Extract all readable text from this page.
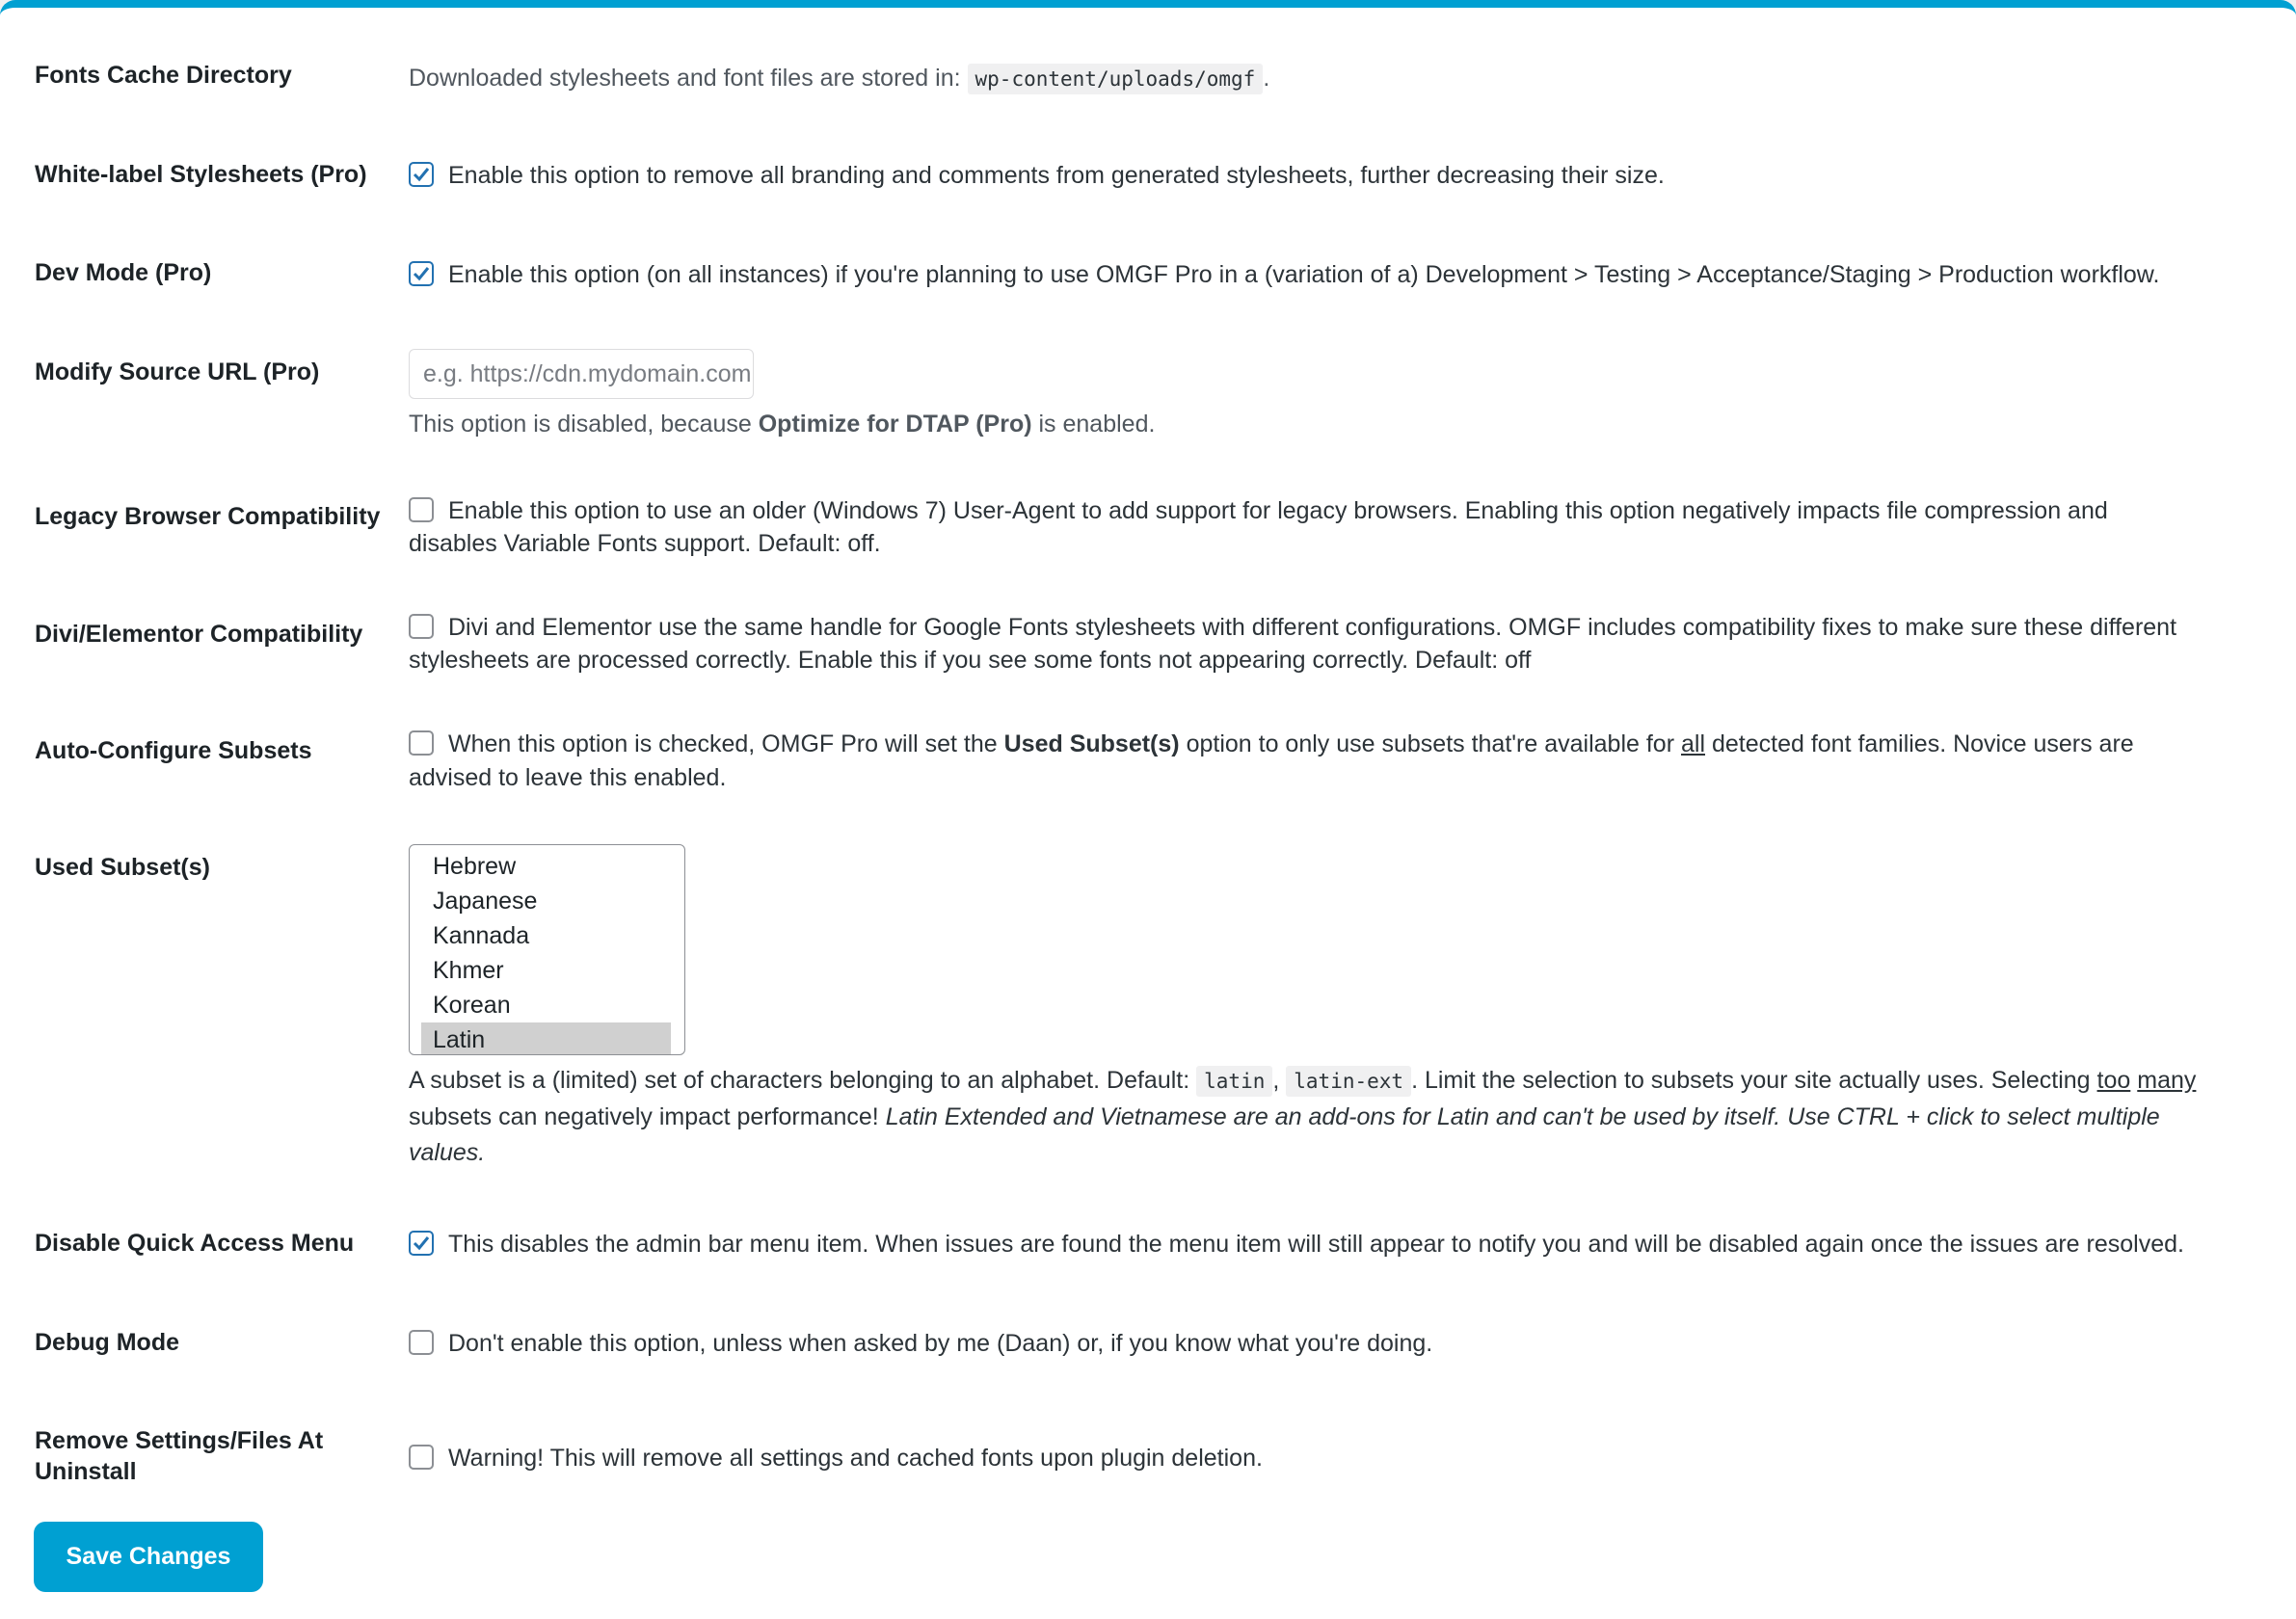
Fonts Cache Directory	Downloaded stylesheets and font files are stored in: wp-content/uploads/omgf .
White-label Stylesheets (Pro)	Enable this option to remove all branding and comments from generated stylesheets, further decreasing their size.
Dev Mode (Pro)	Enable this option (on all instances) if you're planning to use OMGF Pro in a (variation of a) Development > Testing > Acceptance/Staging > Production workflow.
Modify Source URL (Pro)	e.g. https://cdn.mydomain.com
This option is disabled, because Optimize for DTAP (Pro) is enabled.
Legacy Browser Compatibility	Enable this option to use an older (Windows 7) User-Agent to add support for legacy browsers. Enabling this option negatively impacts file compression and
disables Variable Fonts support. Default: off.
Divi/Elementor Compatibility	Divi and Elementor use the same handle for Google Fonts stylesheets with different configurations. OMGF includes compatibility fixes to make sure these different
stylesheets are processed correctly. Enable this if you see some fonts not appearing correctly. Default: off
Auto-Configure Subsets	When this option is checked, OMGF Pro will set the Used Subset(s) option to only use subsets that're available for all detected font families. Novice users are
advised to leave this enabled.
Used Subset(s)	Hebrew
Japanese
Kannada
Khmer
Korean
Latin
A subset is a (limited) set of characters belonging to an alphabet. Default: latin , latin-ext . Limit the selection to subsets your site actually uses. Selecting too many subsets can negatively impact performance! Latin Extended and Vietnamese are an add-ons for Latin and can't be used by itself. Use CTRL + click to select multiple values.
Disable Quick Access Menu	This disables the admin bar menu item. When issues are found the menu item will still appear to notify you and will be disabled again once the issues are resolved.
Debug Mode	Don't enable this option, unless when asked by me (Daan) or, if you know what you're doing.
Remove Settings/Files At
Uninstall	Warning! This will remove all settings and cached fonts upon plugin deletion.
Save Changes
